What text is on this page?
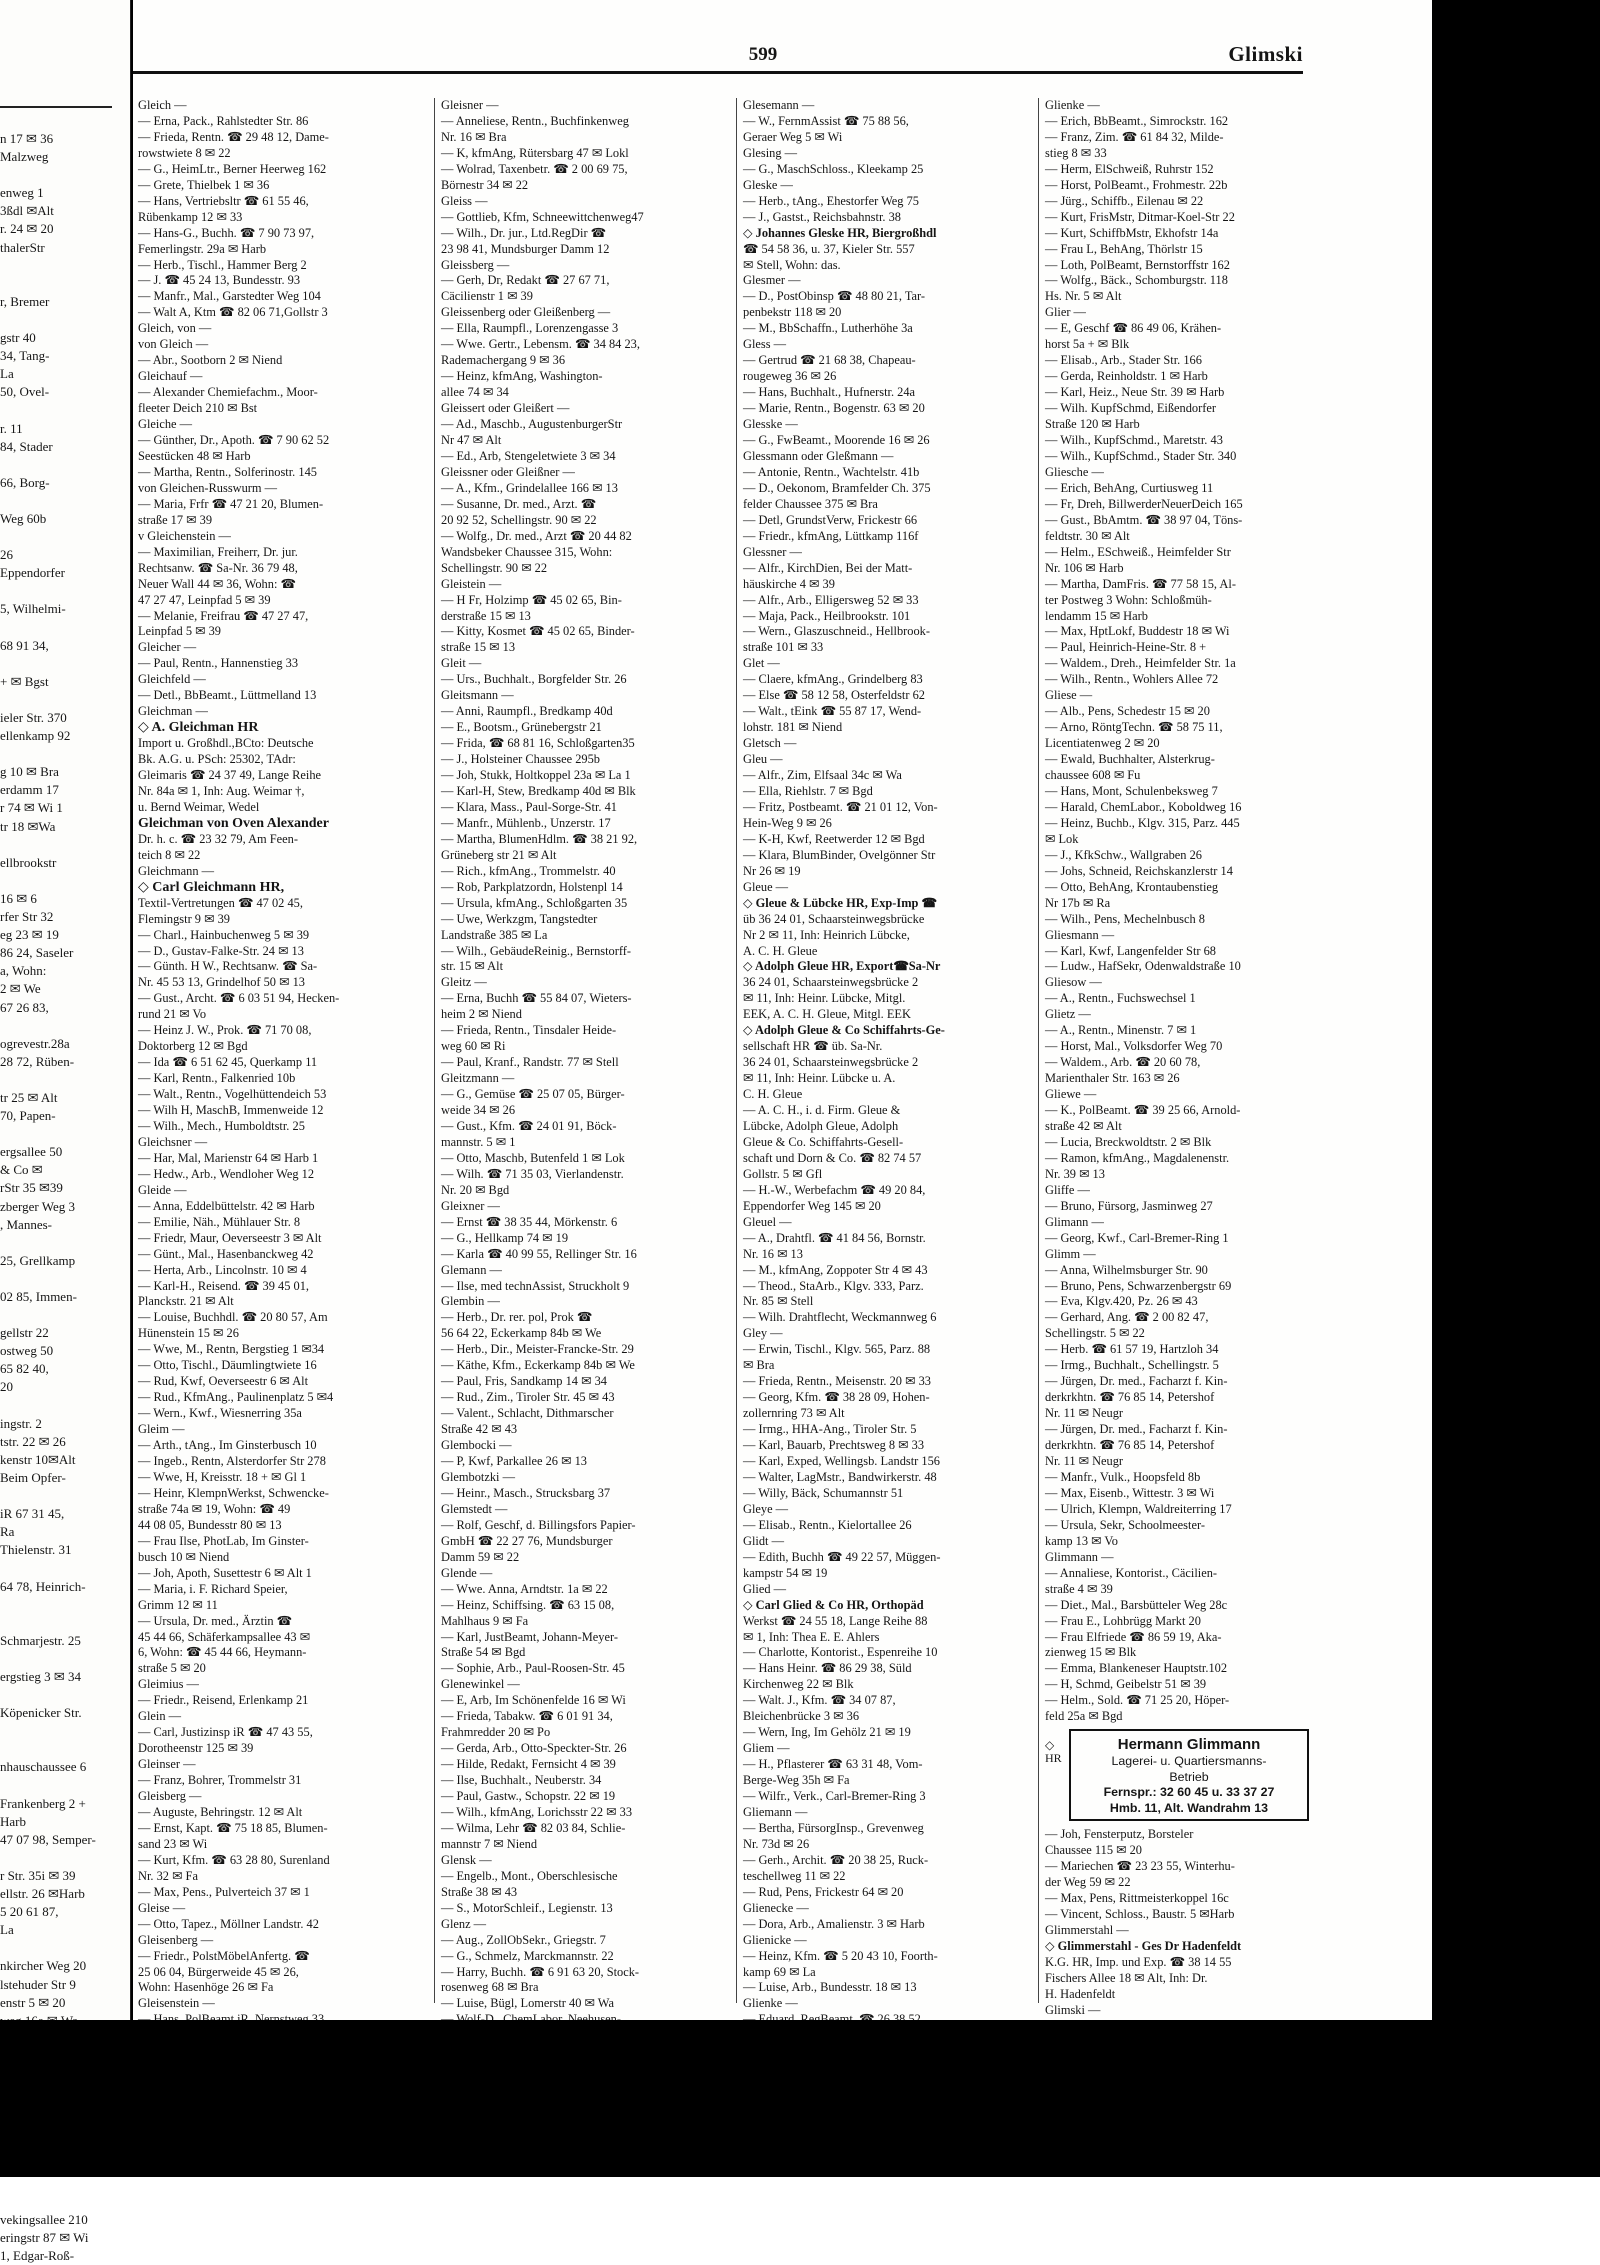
n 17 ✉ 36
Malzweg

enweg 1
3ßdl ✉Alt
r. 24 ✉ 20
thalerStr

r, Bremer

gstr 40
34, Tang-
La
50, Ovel-

r. 11
84, Stader

66, Borg-

Weg 60b

26
Eppendorfer

5, Wilhelmi-

68 91 34,

+ ✉ Bgst

ieler Str. 370
ellenkamp 92

g 10 ✉ Bra
erdamm 17
r 74 ✉ Wi 1
tr 18 ✉Wa

ellbrookstr

16 ✉ 6
rfer Str 32
eg 23 ✉ 19
86 24, Saseler
a, Wohn:
2 ✉ We
67 26 83,

ogrevestr.28a
28 72, Rüben-

tr 25 ✉ Alt
70, Papen-

ergsallee 50
& Co ✉
rStr 35 ✉39
zberger Weg 3
, Mannes-

25, Grellkamp

02 85, Immen-

gellstr 22
ostweg 50
65 82 40,
20

ingstr. 2
tstr. 22 ✉ 26
kenstr 10✉Alt
Beim Opfer-

iR 67 31 45,
Ra
Thielenstr. 31

64 78, Heinrich-

Schmarjestr. 25

ergstieg 3 ✉ 34

Köpenicker Str.

nhauschaussee 6

Frankenberg 2 +
Harb
47 07 98, Semper-

r Str. 35i ✉ 39
ellstr. 26 ✉Harb
5 20 61 87,
La

nkircher Weg 20
lstehuder Str 9
enstr 5 ✉ 20

vekingsallee 210
eringstr 87 ✉ Wi
1, Edgar-Roß-
599	Glimski
Gleich —
— Erna, Pack., Rahlstedter Str. 86
— Frieda, Rentn. ☎ 29 48 12, Dame-
rowstwiete 8 ✉ 22
— G., HeimLtr., Berner Heerweg 162
— Grete, Thielbek 1 ✉ 36
— Hans, Vertriebsltr ☎ 61 55 46,
Rübenkamp 12 ✉ 33
— Hans-G., Buchh. ☎ 7 90 73 97,
Femerlingstr. 29a ✉ Harb
— Herb., Tischl., Hammer Berg 2
— J. ☎ 45 24 13, Bundesstr. 93
— Manfr., Mal., Garstedter Weg 104
— Walt A, Ktm ☎ 82 06 71,Gollstr 3
Gleich, von —
von Gleich —
— Abr., Sootborn 2 ✉ Niend
Gleichauf —
— Alexander Chemiefachm., Moor-
fleeter Deich 210 ✉ Bst
Gleiche —
— Günther, Dr., Apoth. ☎ 7 90 62 52
Seestücken 48 ✉ Harb
— Martha, Rentn., Solferinostr. 145
von Gleichen-Russwurm —
— Maria, Frfr ☎ 47 21 20, Blumen-
straße 17 ✉ 39
v Gleichenstein —
— Maximilian, Freiherr, Dr. jur.
Rechtsanw. ☎ Sa-Nr. 36 79 48,
Neuer Wall 44 ✉ 36, Wohn: ☎
47 27 47, Leinpfad 5 ✉ 39
— Melanie, Freifrau ☎ 47 27 47,
Leinpfad 5 ✉ 39
Gleicher —
— Paul, Rentn., Hannenstieg 33
Gleichfeld —
— Detl., BbBeamt., Lüttmelland 13
Gleichman —
◇ A. Gleichman HR
Import u. Großhdl.,BCto: Deutsche
Bk. A.G. u. PSch: 25302, TAdr:
Gleimaris ☎ 24 37 49, Lange Reihe
Nr. 84a ✉ 1, Inh: Aug. Weimar †,
u. Bernd Weimar, Wedel
Gleichman von Oven Alexander
Dr. h. c. ☎ 23 32 79, Am Feen-
teich 8 ✉ 22
Gleichmann —
◇ Carl Gleichmann HR,
Textil-Vertretungen ☎ 47 02 45,
Flemingstr 9 ✉ 39
— Charl., Hainbuchenweg 5 ✉ 39
— D., Gustav-Falke-Str. 24 ✉ 13
— Günth. H W., Rechtsanw. ☎ Sa-
Nr. 45 53 13, Grindelhof 50 ✉ 13
— Gust., Archt. ☎ 6 03 51 94, Hecken-
rund 21 ✉ Vo
— Heinz J. W., Prok. ☎ 71 70 08,
Doktorberg 12 ✉ Bgd
— Ida ☎ 6 51 62 45, Querkamp 11
— Karl, Rentn., Falkenried 10b
— Walt., Rentn., Vogelhüttendeich 53
— Wilh H, MaschB, Immenweide 12
— Wilh., Mech., Humboldtstr. 25
Gleichsner —
— Har, Mal, Marienstr 64 ✉ Harb 1
— Hedw., Arb., Wendloher Weg 12
Gleide —
— Anna, Eddelbüttelstr. 42 ✉ Harb
— Emilie, Näh., Mühlauer Str. 8
— Friedr, Maur, Oeverseestr 3 ✉ Alt
— Günt., Mal., Hasenbanckweg 42
— Herta, Arb., Lincolnstr. 10 ✉ 4
— Karl-H., Reisend. ☎ 39 45 01,
Planckstr. 21 ✉ Alt
— Louise, Buchhdl. ☎ 20 80 57, Am
Hünenstein 15 ✉ 26
— Wwe, M., Rentn, Bergstieg 1 ✉34
— Otto, Tischl., Däumlingtwiete 16
— Rud, Kwf, Oeverseestr 6 ✉ Alt
— Rud., KfmAng., Paulinenplatz 5 ✉4
— Wern., Kwf., Wiesnerring 35a
Gleim —
— Arth., tAng., Im Ginsterbusch 10
— Ingeb., Rentn, Alsterdorfer Str 278
— Wwe, H, Kreisstr. 18 + ✉ Gl 1
— Heinr, KlempnWerkst, Schwencke-
straße 74a ✉ 19, Wohn: ☎ 49
44 08 05, Bundesstr 80 ✉ 13
— Frau Ilse, PhotLab, Im Ginster-
busch 10 ✉ Niend
— Joh, Apoth, Susettestr 6 ✉ Alt 1
— Maria, i. F. Richard Speier,
Grimm 12 ✉ 11
— Ursula, Dr. med., Ärztin ☎
45 44 66, Schäferkampsallee 43 ✉
6, Wohn: ☎ 45 44 66, Heymann-
straße 5 ✉ 20
Gleimius —
— Friedr., Reisend, Erlenkamp 21
Glein —
— Carl, Justizinsp iR ☎ 47 43 55,
Dorotheenstr 125 ✉ 39
Gleinser —
— Franz, Bohrer, Trommelstr 31
Gleisberg —
— Auguste, Behringstr. 12 ✉ Alt
— Ernst, Kapt. ☎ 75 18 85, Blumen-
sand 23 ✉ Wi
— Kurt, Kfm. ☎ 63 28 80, Surenland
Nr. 32 ✉ Fa
— Max, Pens., Pulverteich 37 ✉ 1
Gleise —
— Otto, Tapez., Möllner Landstr. 42
Gleisenberg —
— Friedr., PolstMöbelAnfertg. ☎
25 06 04, Bürgerweide 45 ✉ 26,
Wohn: Hasenhöge 26 ✉ Fa
Gleisenstein —
Gleisner —
— Anneliese, Rentn., Buchfinkenweg
Nr. 16 ✉ Bra
— K, kfmAng, Rütersbarg 47 ✉ Lokl
— Wolrad, Taxenbetr. ☎ 2 00 69 75,
Börnestr 34 ✉ 22
Gleiss —
— Gottlieb, Kfm, Schneewittchenweg47
— Wilh., Dr. jur., Ltd.RegDir ☎
23 98 41, Mundsburger Damm 12
Gleissberg —
— Gerh, Dr, Redakt ☎ 27 67 71,
Cäcilienstr 1 ✉ 39
Gleissenberg oder Gleißenberg —
— Ella, Raumpfl., Lorenzengasse 3
— Wwe. Gertr., Lebensm. ☎ 34 84 23,
Rademachergang 9 ✉ 36
— Heinz, kfmAng, Washington-
allee 74 ✉ 34
Gleissert oder Gleißert —
— Ad., Maschb., AugustenburgerStr
Nr 47 ✉ Alt
— Ed., Arb, Stengeletwiete 3 ✉ 34
Gleissner oder Gleißner —
— A., Kfm., Grindelallee 166 ✉ 13
— Susanne, Dr. med., Arzt. ☎
20 92 52, Schellingstr. 90 ✉ 22
— Wolfg., Dr. med., Arzt ☎ 20 44 82
Wandsbeker Chaussee 315, Wohn:
Schellingstr. 90 ✉ 22
Gleistein —
— H Fr, Holzimp ☎ 45 02 65, Bin-
derstraße 15 ✉ 13
— Kitty, Kosmet ☎ 45 02 65, Binder-
straße 15 ✉ 13
Gleit —
— Urs., Buchhalt., Borgfelder Str. 26
Gleitsmann —
— Anni, Raumpfl., Bredkamp 40d
— E., Bootsm., Grünebergstr 21
— Frida, ☎ 68 81 16, Schloßgarten35
— J., Holsteiner Chaussee 295b
— Joh, Stukk, Holtkoppel 23a ✉ La 1
— Karl-H, Stew, Bredkamp 40d ✉ Blk
— Klara, Mass., Paul-Sorge-Str. 41
— Manfr., Mühlenb., Unzerstr. 17
— Martha, BlumenHdlm. ☎ 38 21 92,
Grüneberg str 21 ✉ Alt
— Rich., kfmAng., Trommelstr. 40
— Rob, Parkplatzordn, Holstenpl 14
— Ursula, kfmAng., Schloßgarten 35
— Uwe, Werkzgm, Tangstedter
Landstraße 385 ✉ La
— Wilh., GebäudeReinig., Bernstorff-
str. 15 ✉ Alt
Gleitz —
— Erna, Buchh ☎ 55 84 07, Wieters-
heim 2 ✉ Niend
— Frieda, Rentn., Tinsdaler Heide-
weg 60 ✉ Ri
— Paul, Kranf., Randstr. 77 ✉ Stell
Gleitzmann —
— G., Gemüse ☎ 25 07 05, Bürger-
weide 34 ✉ 26
— Gust., Kfm. ☎ 24 01 91, Böck-
mannstr. 5 ✉ 1
— Otto, Maschb, Butenfeld 1 ✉ Lok
— Wilh. ☎ 71 35 03, Vierlandenstr.
Nr. 20 ✉ Bgd
Gleixner —
— Ernst ☎ 38 35 44, Mörkenstr. 6
— G., Hellkamp 74 ✉ 19
— Karla ☎ 40 99 55, Rellinger Str. 16
Glemann —
— Ilse, med technAssist, Struckholt 9
Glembin —
— Herb., Dr. rer. pol, Prok ☎
56 64 22, Eckerkamp 84b ✉ We
— Herb., Dir., Meister-Francke-Str. 29
— Käthe, Kfm., Eckerkamp 84b ✉ We
— Paul, Fris, Sandkamp 14 ✉ 34
— Rud., Zim., Tiroler Str. 45 ✉ 43
— Valent., Schlacht, Dithmarscher
Straße 42 ✉ 43
Glembocki —
— P, Kwf, Parkallee 26 ✉ 13
Glembotzki —
— Heinr., Masch., Strucksbarg 37
Glemstedt —
— Rolf, Geschf, d. Billingsfors Papier-
GmbH ☎ 22 27 76, Mundsburger
Damm 59 ✉ 22
Glende —
— Wwe. Anna, Arndtstr. 1a ✉ 22
— Heinz, Schiffsing. ☎ 63 15 08,
Mahlhaus 9 ✉ Fa
— Karl, JustBeamt, Johann-Meyer-
Straße 54 ✉ Bgd
— Sophie, Arb., Paul-Roosen-Str. 45
Glenewinkel —
— E, Arb, Im Schönenfelde 16 ✉ Wi
— Frieda, Tabakw. ☎ 6 01 91 34,
Frahmredder 20 ✉ Po
— Gerda, Arb., Otto-Speckter-Str. 26
— Hilde, Redakt, Fernsicht 4 ✉ 39
— Ilse, Buchhalt., Neuberstr. 34
— Paul, Gastw., Schopstr. 22 ✉ 19
— Wilh., kfmAng, Lorichsstr 22 ✉ 33
— Wilma, Lehr ☎ 82 03 84, Schlie-
mannstr 7 ✉ Niend
Glensk —
— Engelb., Mont., Oberschlesische
Straße 38 ✉ 43
— S., MotorSchleif., Legienstr. 13
Glenz —
— Aug., ZollObSekr., Griegstr. 7
— G., Schmelz, Marckmannstr. 22
— Harry, Buchh. ☎ 6 91 63 20, Stock-
rosenweg 68 ✉ Bra
— Luise, Bügl, Lomerstr 40 ✉ Wa
Glesemann —
— W., FernmAssist ☎ 75 88 56,
Geraer Weg 5 ✉ Wi
Glesing —
— G., MaschSchloss., Kleekamp 25
Gleske —
— Herb., tAng., Ehestorfer Weg 75
— J., Gastst., Reichsbahnstr. 38
◇ Johannes Gleske HR, Biergroßhdl
☎ 54 58 36, u. 37, Kieler Str. 557
✉ Stell, Wohn: das.
Glesmer —
— D., PostObinsp ☎ 48 80 21, Tar-
penbekstr 118 ✉ 20
— M., BbSchaffn., Lutherhöhe 3a
Gless —
— Gertrud ☎ 21 68 38, Chapeau-
rougeweg 36 ✉ 26
— Hans, Buchhalt., Hufnerstr. 24a
— Marie, Rentn., Bogenstr. 63 ✉ 20
Glesske —
— G., FwBeamt., Moorende 16 ✉ 26
Glessmann oder Gleßmann —
— Antonie, Rentn., Wachtelstr. 41b
— D., Oekonom, Bramfelder Ch. 375
felder Chaussee 375 ✉ Bra
— Detl, GrundstVerw, Frickestr 66
— Friedr., kfmAng, Lüttkamp 116f
Glessner —
— Alfr., KirchDien, Bei der Matt-
häuskirche 4 ✉ 39
— Alfr., Arb., Elligersweg 52 ✉ 33
— Maja, Pack., Heilbrookstr. 101
— Wern., Glaszuschneid., Hellbrook-
straße 101 ✉ 33
Glet —
— Claere, kfmAng., Grindelberg 83
— Else ☎ 58 12 58, Osterfeldstr 62
— Walt., tEink ☎ 55 87 17, Wend-
lohstr. 181 ✉ Niend
Gletsch —
Gleu —
— Alfr., Zim, Elfsaal 34c ✉ Wa
— Ella, Riehlstr. 7 ✉ Bgd
— Fritz, Postbeamt. ☎ 21 01 12, Von-
Hein-Weg 9 ✉ 26
— K-H, Kwf, Reetwerder 12 ✉ Bgd
— Klara, BlumBinder, Ovelgönner Str
Nr 26 ✉ 19
Gleue —
◇ Gleue & Lübcke HR, Exp-Imp ☎
üb 36 24 01, Schaarsteinwegsbrücke
Nr 2 ✉ 11, Inh: Heinrich Lübcke,
A. C. H. Gleue
◇ Adolph Gleue HR, Export☎Sa-Nr
36 24 01, Schaarsteinwegsbrücke 2
✉ 11, Inh: Heinr. Lübcke, Mitgl.
EEK, A. C. H. Gleue, Mitgl. EEK
◇ Adolph Gleue & Co Schiffahrts-Ge-
sellschaft HR ☎ üb. Sa-Nr.
36 24 01, Schaarsteinwegsbrücke 2
✉ 11, Inh: Heinr. Lübcke u. A.
C. H. Gleue
— A. C. H., i. d. Firm. Gleue &
Lübcke, Adolph Gleue, Adolph
Gleue & Co. Schiffahrts-Gesell-
schaft und Dorn & Co. ☎ 82 74 57
Gollstr. 5 ✉ Gfl
— H.-W., Werbefachm ☎ 49 20 84,
Eppendorfer Weg 145 ✉ 20
Gleuel —
— A., Drahtfl. ☎ 41 84 56, Bornstr.
Nr. 16 ✉ 13
— M., kfmAng, Zoppoter Str 4 ✉ 43
— Theod., StaArb., Klgv. 333, Parz.
Nr. 85 ✉ Stell
— Wilh. Drahtflecht, Weckmannweg 6
Gley —
— Erwin, Tischl., Klgv. 565, Parz. 88
✉ Bra
— Frieda, Rentn., Meisenstr. 20 ✉ 33
— Georg, Kfm. ☎ 38 28 09, Hohen-
zollernring 73 ✉ Alt
— Irmg., HHA-Ang., Tiroler Str. 5
— Karl, Bauarb, Prechtsweg 8 ✉ 33
— Karl, Exped, Wellingsb. Landstr 156
— Walter, LagMstr., Bandwirkerstr. 48
— Willy, Bäck, Schumannstr 51
Gleye —
— Elisab., Rentn., Kielortallee 26
Glidt —
— Edith, Buchh ☎ 49 22 57, Müggen-
kampstr 54 ✉ 19
Glied —
◇ Carl Glied & Co HR, Orthopäd
Werkst ☎ 24 55 18, Lange Reihe 88
✉ 1, Inh: Thea E. E. Ahlers
— Charlotte, Kontorist., Espenreihe 10
— Hans Heinr. ☎ 86 29 38, Süld
Kirchenweg 22 ✉ Blk
— Walt. J., Kfm. ☎ 34 07 87,
Bleichenbrücke 3 ✉ 36
— Wern, Ing, Im Gehölz 21 ✉ 19
Gliem —
— H., Pflasterer ☎ 63 31 48, Vom-
Berge-Weg 35h ✉ Fa
— Wilfr., Verk., Carl-Bremer-Ring 3
Gliemann —
— Bertha, FürsorgInsp., Grevenweg
Nr. 73d ✉ 26
— Gerh., Archit. ☎ 20 38 25, Ruck-
teschellweg 11 ✉ 22
— Rud, Pens, Frickestr 64 ✉ 20
Glienecke —
— Dora, Arb., Amalienstr. 3 ✉ Harb
Glienicke —
— Heinz, Kfm. ☎ 5 20 43 10, Foorth-
kamp 69 ✉ La
— Luise, Arb., Bundesstr. 18 ✉ 13
Glienke —
Glienke —
— Erich, BbBeamt., Simrockstr. 162
— Franz, Zim. ☎ 61 84 32, Milde-
stieg 8 ✉ 33
— Herm, ElSchweiß, Ruhrstr 152
— Horst, PolBeamt., Frohmestr. 22b
— Jürg., Schiffb., Eilenau ✉ 22
— Kurt, FrisMstr, Ditmar-Koel-Str 22
— Kurt, SchiffbMstr, Ekhofstr 14a
— Frau L, BehAng, Thörlstr 15
— Loth, PolBeamt, Bernstorffstr 162
— Wolfg., Bäck., Schomburgstr. 118
Hs. Nr. 5 ✉ Alt
Glier —
— E, Geschf ☎ 86 49 06, Krähen-
horst 5a + ✉ Blk
— Elisab., Arb., Stader Str. 166
— Gerda, Reinholdstr. 1 ✉ Harb
— Karl, Heiz., Neue Str. 39 ✉ Harb
— Wilh. KupfSchmd, Eißendorfer
Straße 120 ✉ Harb
— Wilh., KupfSchmd., Maretstr. 43
— Wilh., KupfSchmd., Stader Str. 340
Gliesche —
— Erich, BehAng, Curtiusweg 11
— Fr, Dreh, BillwerderNeuerDeich 165
— Gust., BbAmtm. ☎ 38 97 04, Töns-
feldtstr. 30 ✉ Alt
— Helm., ESchweiß., Heimfelder Str
Nr. 106 ✉ Harb
— Martha, DamFris. ☎ 77 58 15, Al-
ter Postweg 3 Wohn: Schloßmüh-
lendamm 15 ✉ Harb
— Max, HptLokf, Buddestr 18 ✉ Wi
— Paul, Heinrich-Heine-Str. 8 +
— Waldem., Dreh., Heimfelder Str. 1a
— Wilh., Rentn., Wohlers Allee 72
Gliese —
— Alb., Pens, Schedestr 15 ✉ 20
— Arno, RöntgTechn. ☎ 58 75 11,
Licentiatenweg 2 ✉ 20
— Ewald, Buchhalter, Alsterkrug-
chaussee 608 ✉ Fu
— Hans, Mont, Schulenbeksweg 7
— Harald, ChemLabor., Koboldweg 16
— Heinz, Buchb., Klgv. 315, Parz. 445
✉ Lok
— J., KfkSchw., Wallgraben 26
— Johs, Schneid, Reichskanzlerstr 14
— Otto, BehAng, Krontaubenstieg
Nr 17b ✉ Ra
— Wilh., Pens, Mechelnbusch 8
Gliesmann —
— Karl, Kwf, Langenfelder Str 68
— Ludw., HafSekr, Odenwaldstraße 10
Gliesow —
— A., Rentn., Fuchswechsel 1
Glietz —
— A., Rentn., Minenstr. 7 ✉ 1
— Horst, Mal., Volksdorfer Weg 70
— Waldem., Arb. ☎ 20 60 78,
Marienthaler Str. 163 ✉ 26
Gliewe —
— K., PolBeamt. ☎ 39 25 66, Arnold-
straße 42 ✉ Alt
— Lucia, Breckwoldtstr. 2 ✉ Blk
— Ramon, kfmAng., Magdalenenstr.
Nr. 39 ✉ 13
Gliffe —
— Bruno, Fürsorg, Jasminweg 27
Glimann —
— Georg, Kwf., Carl-Bremer-Ring 1
Glimm —
— Anna, Wilhelmsburger Str. 90
— Bruno, Pens, Schwarzenbergstr 69
— Eva, Klgv.420, Pz. 26 ✉ 43
— Gerhard, Ang. ☎ 2 00 82 47,
Schellingstr. 5 ✉ 22
— Herb. ☎ 61 57 19, Hartzloh 34
— Irmg., Buchhalt., Schellingstr. 5
— Jürgen, Dr. med., Facharzt f. Kin-
derkrkhtn. ☎ 76 85 14, Petershof
Nr. 11 ✉ Neugr
— Jürgen, Dr. med., Facharzt f. Kin-
derkrkhtn. ☎ 76 85 14, Petershof
Nr. 11 ✉ Neugr
— Manfr., Vulk., Hoopsfeld 8b
— Max, Eisenb., Wittestr. 3 ✉ Wi
— Ulrich, Klempn, Waldreiterring 17
— Ursula, Sekr, Schoolmeester-
kamp 13 ✉ Vo
Glimmann —
— Annaliese, Kontorist., Cäcilien-
straße 4 ✉ 39
— Diet., Mal., Barsbütteler Weg 28c
— Frau E., Lohbrügg Markt 20
— Frau Elfriede ☎ 86 59 19, Aka-
zienweg 15 ✉ Blk
— Emma, Blankeneser Hauptstr.102
— H, Schmd, Geibelstr 51 ✉ 39
— Helm., Sold. ☎ 71 25 20, Höper-
feld 25a ✉ Bgd
◇ HR
Hermann Glimmann
Lagerei- u. Quartiersmanns-
Betrieb
Fernspr.: 32 60 45 u. 33 37 27
Hmb. 11, Alt. Wandrahm 13
— Joh, Fensterputz, Borsteler
Chaussee 115 ✉ 20
— Mariechen ☎ 23 23 55, Winterhu-
der Weg 59 ✉ 22
— Max, Pens, Rittmeisterkoppel 16c
— Vincent, Schloss., Baustr. 5 ✉Harb
Glimmerstahl —
◇ Glimmerstahl - Ges Dr Hadenfeldt
K.G. HR, Imp. und Exp. ☎ 38 14 55
Fischers Allee 18 ✉ Alt, Inh: Dr.
H. Hadenfeldt
Glimski —
